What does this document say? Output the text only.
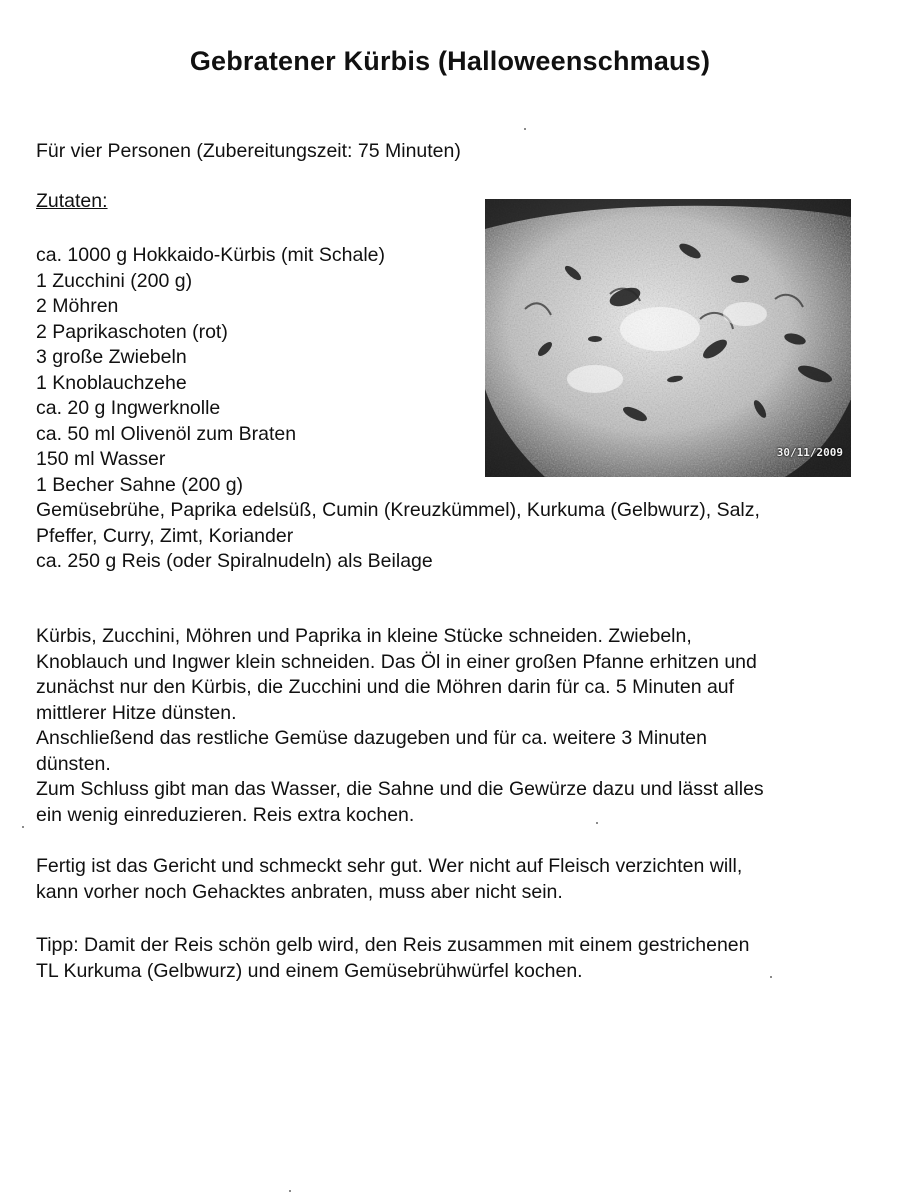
Gebratener Kürbis (Halloweenschmaus)
Für vier Personen (Zubereitungszeit: 75 Minuten)
Zutaten:
ca. 1000 g Hokkaido-Kürbis (mit Schale)
1 Zucchini (200 g)
2 Möhren
2 Paprikaschoten (rot)
3 große Zwiebeln
1 Knoblauchzehe
ca. 20 g Ingwerknolle
ca. 50 ml Olivenöl zum Braten
150 ml Wasser
1 Becher Sahne (200 g)
Gemüsebrühe, Paprika edelsüß, Cumin (Kreuzkümmel), Kurkuma (Gelbwurz), Salz,
Pfeffer, Curry, Zimt, Koriander
ca. 250 g Reis (oder Spiralnudeln) als Beilage
30/11/2009
Kürbis, Zucchini, Möhren und Paprika in kleine Stücke schneiden. Zwiebeln,
Knoblauch und Ingwer klein schneiden. Das Öl in einer großen Pfanne erhitzen und
zunächst nur den Kürbis, die Zucchini und die Möhren darin für ca. 5 Minuten auf
mittlerer Hitze dünsten.
Anschließend das restliche Gemüse dazugeben und für ca. weitere 3 Minuten
dünsten.
Zum Schluss gibt man das Wasser, die Sahne und die Gewürze dazu und lässt alles
ein wenig einreduzieren. Reis extra kochen.
Fertig ist das Gericht und schmeckt sehr gut. Wer nicht auf Fleisch verzichten will,
kann vorher noch Gehacktes anbraten, muss aber nicht sein.
Tipp: Damit der Reis schön gelb wird, den Reis zusammen mit einem gestrichenen
TL Kurkuma (Gelbwurz) und einem Gemüsebrühwürfel kochen.
